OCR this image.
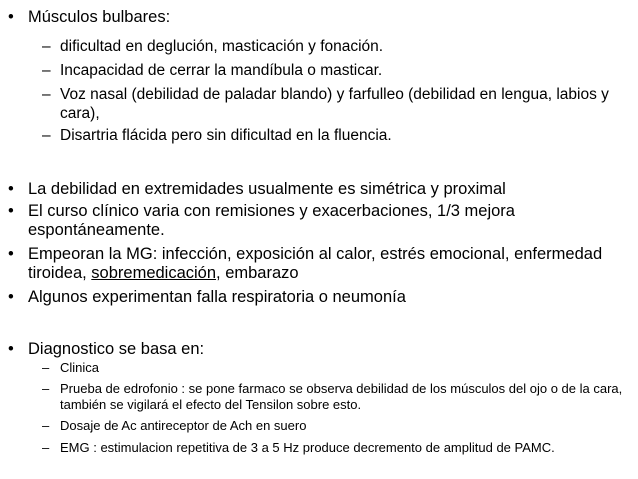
• Músculos bulbares:
– dificultad en deglución, masticación y fonación.
– Incapacidad de cerrar la mandíbula o masticar.
– Voz nasal (debilidad de paladar blando) y farfulleo (debilidad en lengua, labios y cara),
– Disartria flácida pero sin dificultad en la fluencia.
• La debilidad en extremidades usualmente es simétrica y proximal
• El curso clínico varia con remisiones y exacerbaciones, 1/3 mejora espontáneamente.
• Empeoran la MG: infección, exposición al calor, estrés emocional, enfermedad tiroidea, sobremedicación, embarazo
• Algunos experimentan falla respiratoria o neumonía
• Diagnostico se basa en:
– Clinica
– Prueba de edrofonio : se pone farmaco se observa debilidad de los músculos del ojo o de la cara, también se vigilará el efecto del Tensilon sobre esto.
– Dosaje de Ac antireceptor de Ach en suero
– EMG : estimulacion repetitiva de 3 a 5 Hz produce decremento de amplitud de PAMC.
